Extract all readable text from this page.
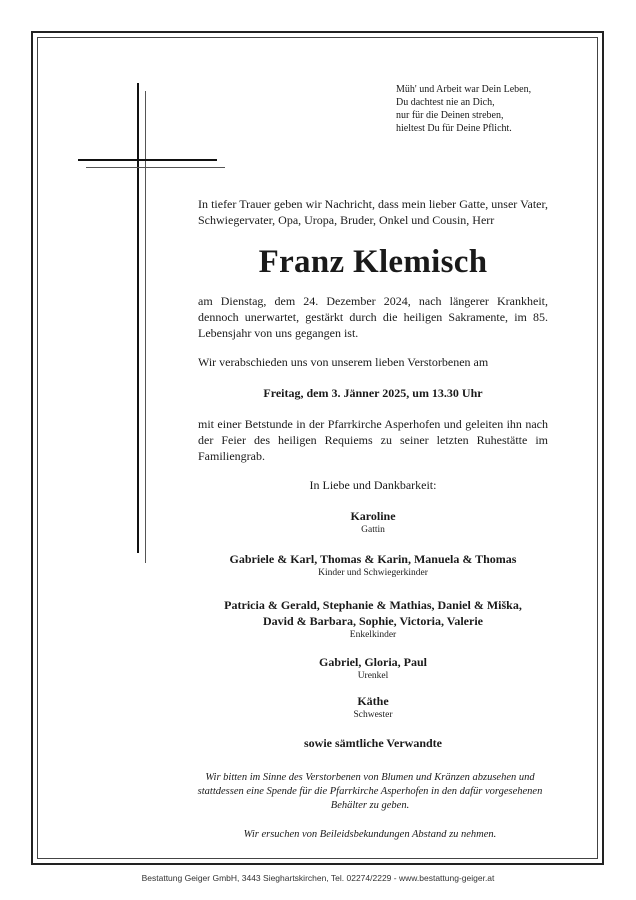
Müh' und Arbeit war Dein Leben,
Du dachtest nie an Dich,
nur für die Deinen streben,
hieltest Du für Deine Pflicht.
In tiefer Trauer geben wir Nachricht, dass mein lieber Gatte, unser Vater, Schwiegervater, Opa, Uropa, Bruder, Onkel und Cousin, Herr
Franz Klemisch
am Dienstag, dem 24. Dezember 2024, nach längerer Krankheit, dennoch unerwartet, gestärkt durch die heiligen Sakramente, im 85. Lebensjahr von uns gegangen ist.
Wir verabschieden uns von unserem lieben Verstorbenen am
Freitag, dem 3. Jänner 2025, um 13.30 Uhr
mit einer Betstunde in der Pfarrkirche Asperhofen und geleiten ihn nach der Feier des heiligen Requiems zu seiner letzten Ruhestätte im Familiengrab.
In Liebe und Dankbarkeit:
Karoline
Gattin
Gabriele & Karl, Thomas & Karin, Manuela & Thomas
Kinder und Schwiegerkinder
Patricia & Gerald, Stephanie & Mathias, Daniel & Miška,
David & Barbara, Sophie, Victoria, Valerie
Enkelkinder
Gabriel, Gloria, Paul
Urenkel
Käthe
Schwester
sowie sämtliche Verwandte
Wir bitten im Sinne des Verstorbenen von Blumen und Kränzen abzusehen und stattdessen eine Spende für die Pfarrkirche Asperhofen in den dafür vorgesehenen Behälter zu geben.
Wir ersuchen von Beileidsbekundungen Abstand zu nehmen.
Bestattung Geiger GmbH, 3443 Sieghartskirchen, Tel. 02274/2229 - www.bestattung-geiger.at
